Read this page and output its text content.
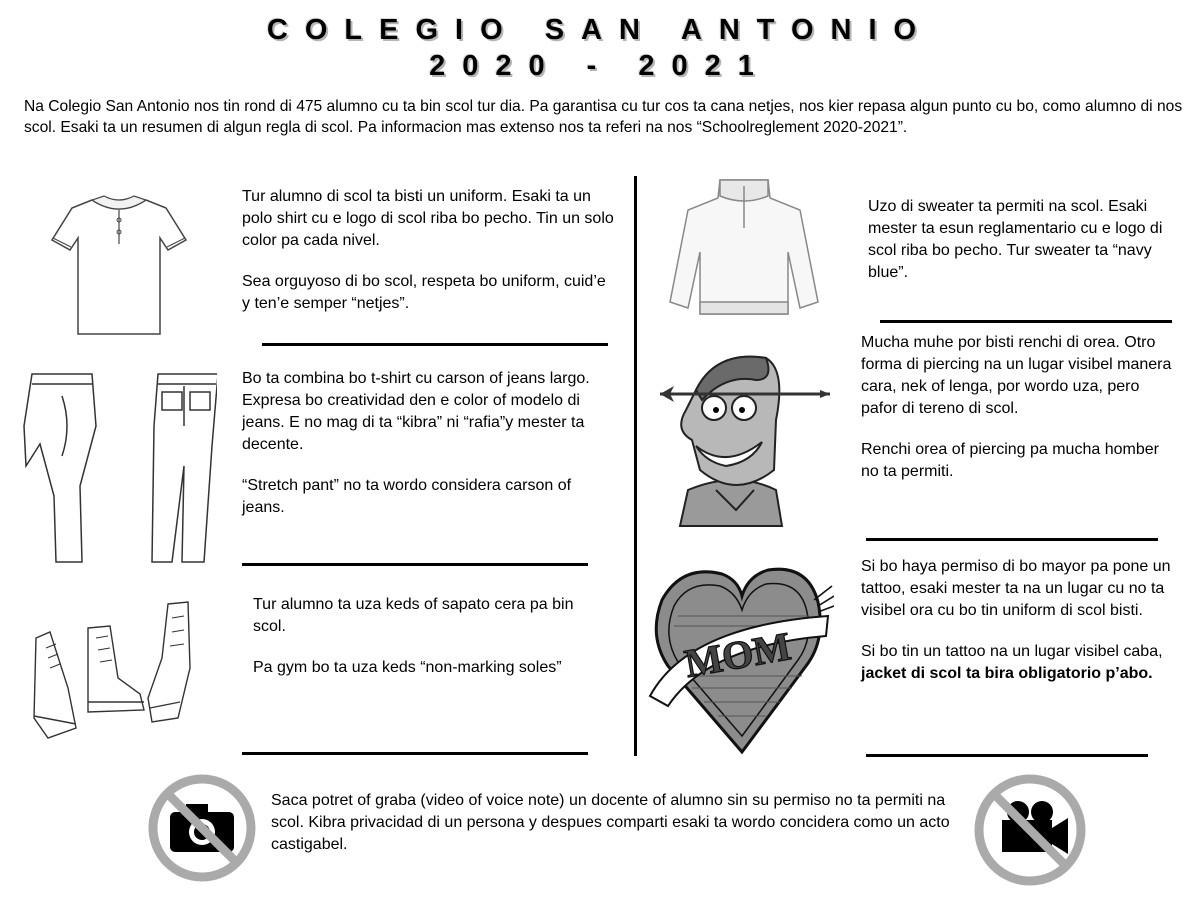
COLEGIO SAN ANTONIO
2020 - 2021
Na Colegio San Antonio nos tin rond di 475 alumno cu ta bin scol tur dia. Pa garantisa cu tur cos ta cana netjes, nos kier repasa algun punto cu bo, como alumno di nos scol. Esaki ta un resumen di algun regla di scol. Pa informacion mas extenso nos ta referi na nos “Schoolreglement 2020-2021”.

Tur alumno di scol ta bisti un uniform. Esaki ta un polo shirt cu e logo di scol riba bo pecho. Tin un solo color pa cada nivel.

Sea orguyoso di bo scol, respeta bo uniform, cuid’e y ten’e semper “netjes”.

Bo ta combina bo t-shirt cu carson of jeans largo. Expresa bo creatividad den e color of modelo di jeans. E no mag di ta “kibra” ni “rafia”y mester ta decente.

“Stretch pant” no ta wordo considera carson of jeans.

Tur alumno ta uza keds of sapato cera pa bin scol.

Pa gym bo ta uza keds “non-marking soles”

Uzo di sweater ta permiti na scol. Esaki mester ta esun reglamentario cu e logo di scol riba bo pecho. Tur sweater ta “navy blue”.

Mucha muhe por bisti renchi di orea. Otro forma di piercing na un lugar visibel manera cara, nek of lenga, por wordo uza, pero pafor di tereno di scol.

Renchi orea of piercing pa mucha homber no ta permiti.

MOM

Si bo haya permiso di bo mayor pa pone un tattoo, esaki mester ta na un lugar cu no ta visibel ora cu bo tin uniform di scol bisti.

Si bo tin un tattoo na un lugar visibel caba, jacket di scol ta bira obligatorio p’abo.

Saca potret of graba (video of voice note) un docente of alumno sin su permiso no ta permiti na scol. Kibra privacidad di un persona y despues comparti esaki ta wordo concidera como un acto castigabel.
